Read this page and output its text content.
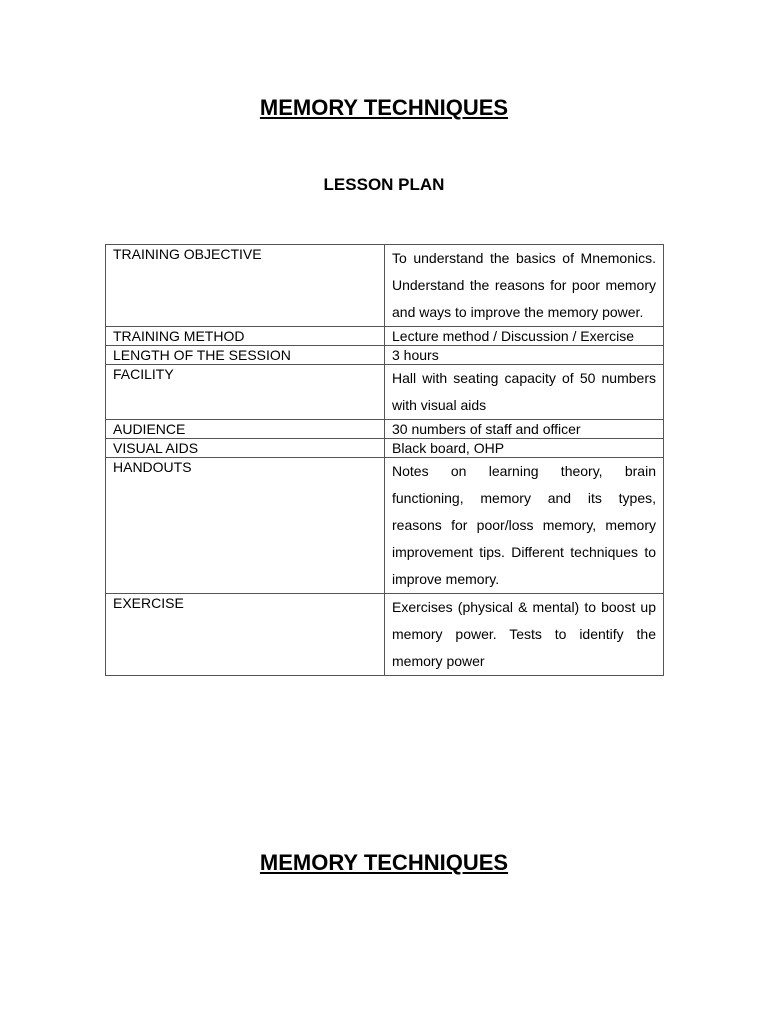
MEMORY TECHNIQUES
LESSON PLAN
TRAINING OBJECTIVE	To understand the basics of Mnemonics. Understand the reasons for poor memory and ways to improve the memory power.
TRAINING METHOD	Lecture method / Discussion / Exercise
LENGTH OF THE SESSION	3 hours
FACILITY	Hall with seating capacity of 50 numbers with visual aids
AUDIENCE	30 numbers of staff and officer
VISUAL AIDS	Black board, OHP
HANDOUTS	Notes on learning theory, brain functioning, memory and its types, reasons for poor/loss memory, memory improvement tips. Different techniques to improve memory.
EXERCISE	Exercises (physical & mental) to boost up memory power. Tests to identify the memory power
MEMORY TECHNIQUES
